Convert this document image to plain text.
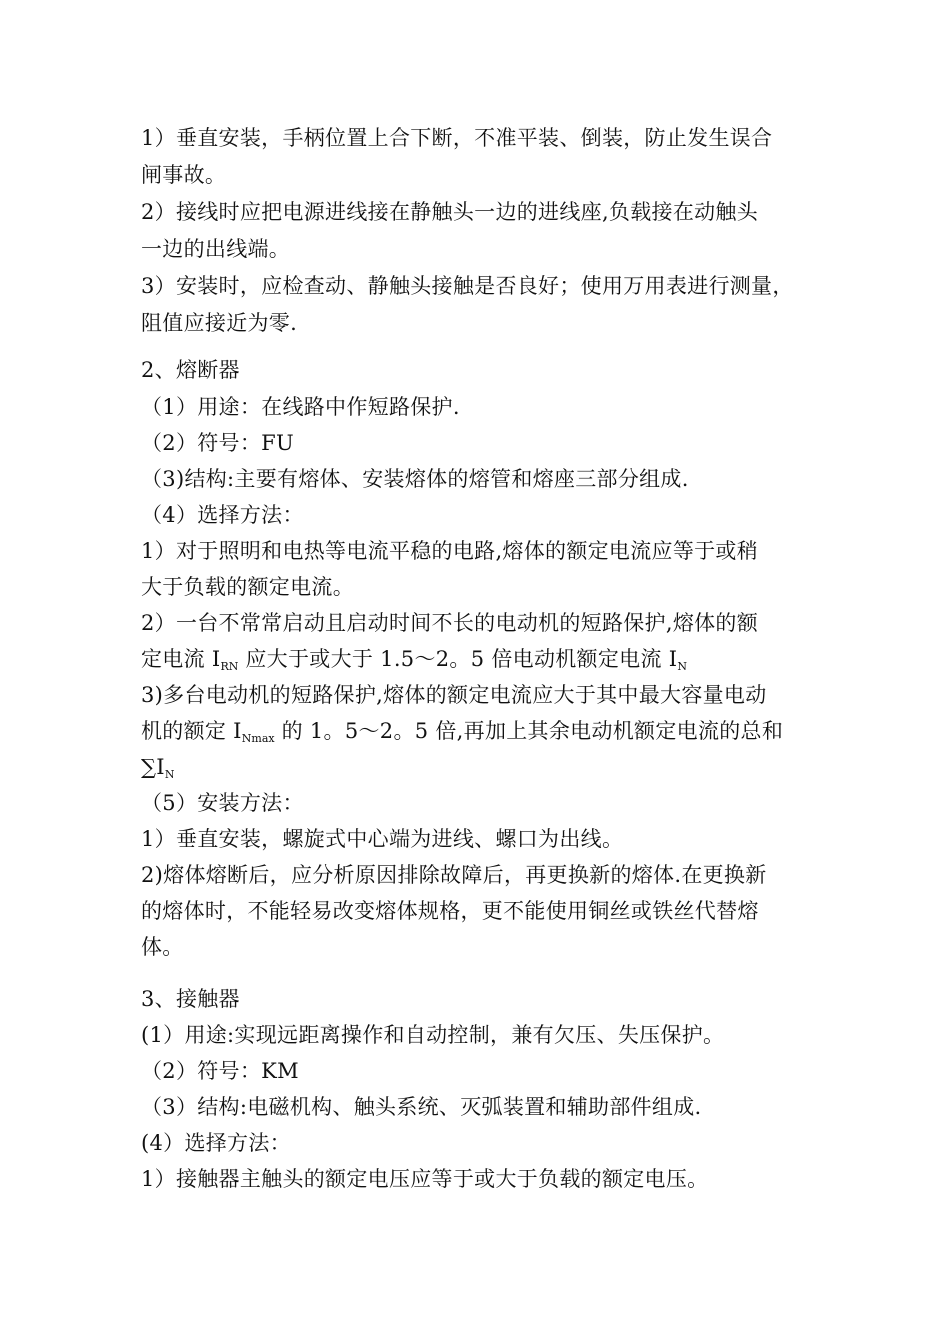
1）垂直安装，手柄位置上合下断，不准平装、倒装，防止发生误合
闸事故。
2）接线时应把电源进线接在静触头一边的进线座,负载接在动触头
一边的出线端。
3）安装时，应检查动、静触头接触是否良好；使用万用表进行测量，
阻值应接近为零.
2、熔断器
（1）用途：在线路中作短路保护.
（2）符号：FU
（3)结构:主要有熔体、安装熔体的熔管和熔座三部分组成.
（4）选择方法：
1）对于照明和电热等电流平稳的电路,熔体的额定电流应等于或稍
大于负载的额定电流。
2）一台不常常启动且启动时间不长的电动机的短路保护,熔体的额
定电流 $I_{RN}$ 应大于或大于 1.5～2。5 倍电动机额定电流 $I_N$
3)多台电动机的短路保护,熔体的额定电流应大于其中最大容量电动
机的额定 $I_{Nmax}$ 的 1。5～2。5 倍,再加上其余电动机额定电流的总和
$\sum I_N$
（5）安装方法：
1）垂直安装，螺旋式中心端为进线、螺口为出线。
2)熔体熔断后，应分析原因排除故障后，再更换新的熔体.在更换新
的熔体时，不能轻易改变熔体规格，更不能使用铜丝或铁丝代替熔
体。
3、接触器
(1）用途:实现远距离操作和自动控制，兼有欠压、失压保护。
（2）符号：KM
（3）结构:电磁机构、触头系统、灭弧装置和辅助部件组成.
(4）选择方法：
1）接触器主触头的额定电压应等于或大于负载的额定电压。
